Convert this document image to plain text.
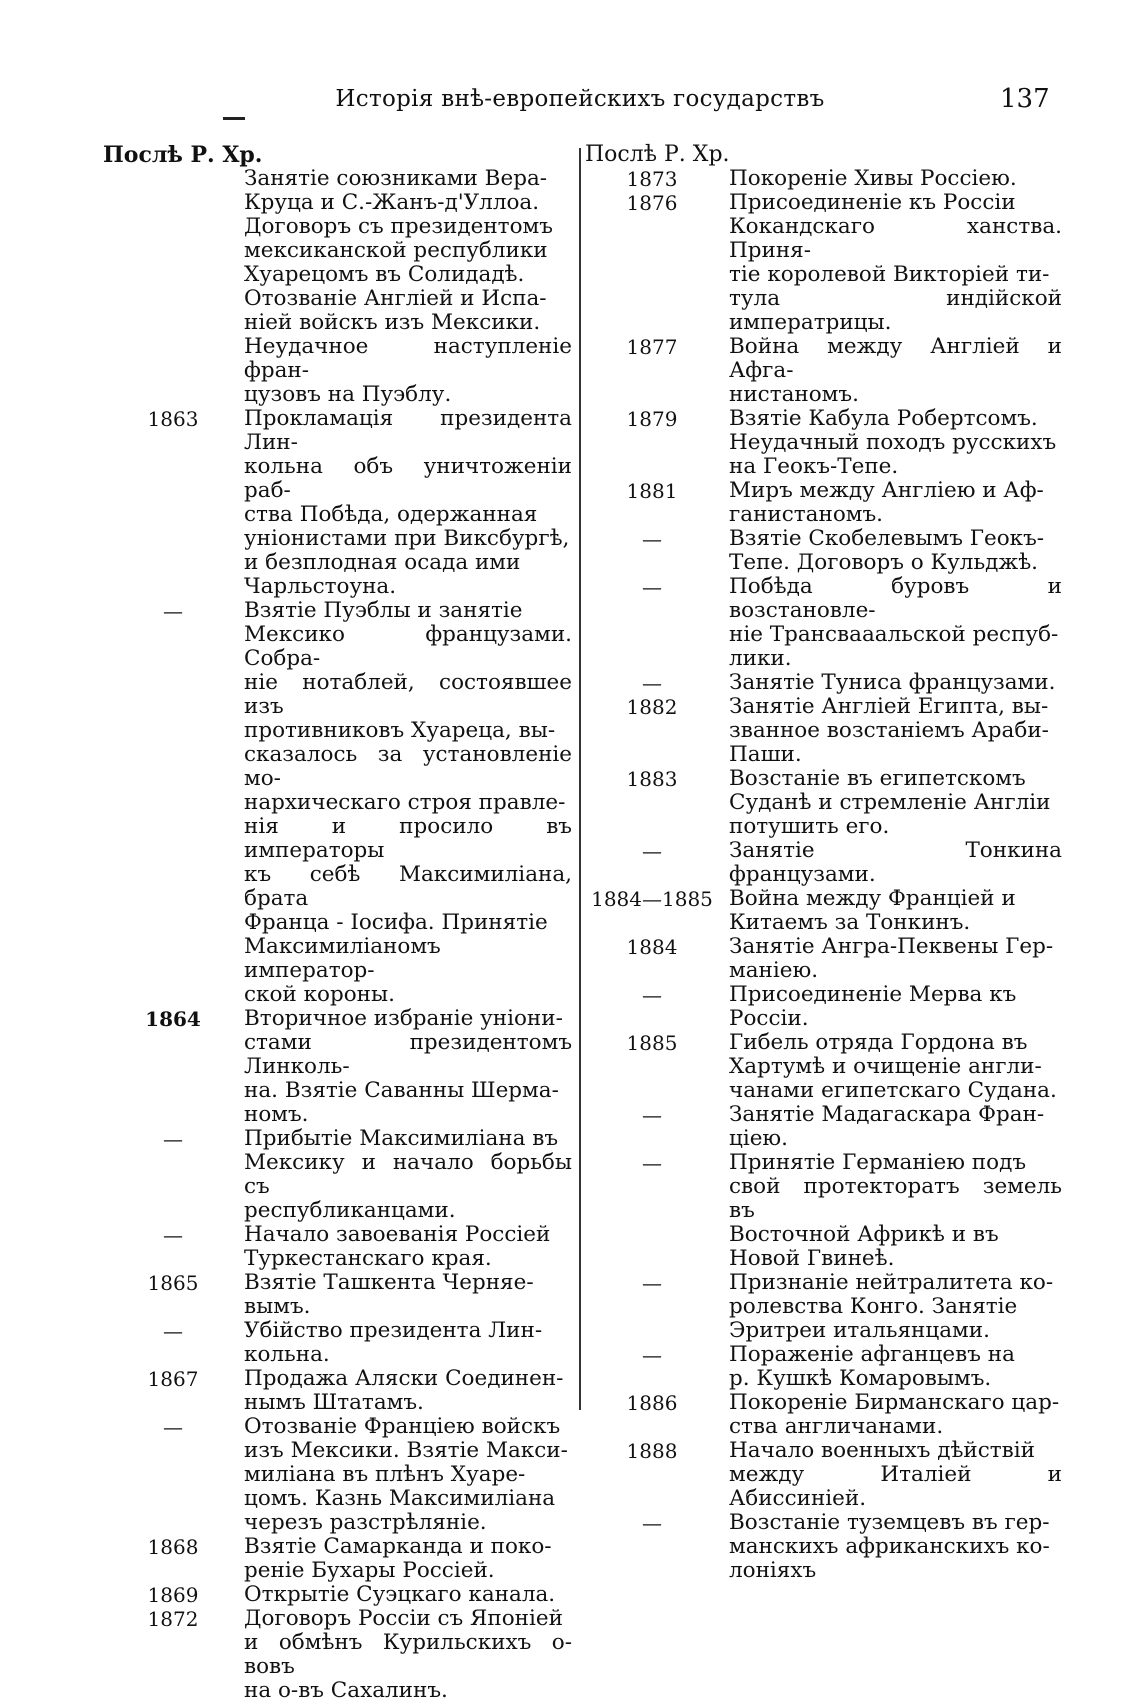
Исторія внѣ-европейскихъ государствъ	137
Послѣ Р. Хр.
Занятіе союзниками Вера-
Круца и С.-Жанъ-д'Уллоа.
Договоръ съ президентомъ
мексиканской республики
Хуарецомъ въ Солидадѣ.
Отозваніе Англіей и Испа-
ніей войскъ изъ Мексики.
Неудачное наступленіе фран-
цузовъ на Пуэблу.
1863	Прокламація президента Лин-
кольна объ уничтоженіи раб-
ства Побѣда, одержанная
уніонистами при Виксбургѣ,
и безплодная осада ими
Чарльстоуна.
—	Взятіе Пуэблы и занятіе
Мексико французами. Собра-
ніе нотаблей, состоявшее изъ
противниковъ Хуареца, вы-
сказалось за установленіе мо-
нархическаго строя правле-
нія и просило въ императоры
къ себѣ Максимиліана, брата
Франца - Іосифа. Принятіе
Максимиліаномъ император-
ской короны.
1864	Вторичное избраніе уніони-
стами президентомъ Линколь-
на. Взятіе Саванны Шерма-
номъ.
—	Прибытіе Максимиліана въ
Мексику и начало борьбы съ
республиканцами.
—	Начало завоеванія Россіей
Туркестанскаго края.
1865	Взятіе Ташкента Черняе-
вымъ.
—	Убійство президента Лин-
кольна.
1867	Продажа Аляски Соединен-
нымъ Штатамъ.
—	Отозваніе Франціею войскъ
изъ Мексики. Взятіе Макси-
миліана въ плѣнъ Хуаре-
цомъ. Казнь Максимиліана
черезъ разстрѣляніе.
1868	Взятіе Самарканда и поко-
реніе Бухары Россіей.
1869	Открытіе Суэцкаго канала.
1872	Договоръ Россіи съ Японіей
и обмѣнъ Курильскихъ о-вовъ
на о-въ Сахалинъ.
Послѣ Р. Хр.
1873	Покореніе Хивы Россіею.
1876	Присоединеніе къ Россіи
Кокандскаго ханства. Приня-
тіе королевой Викторіей ти-
тула индійской императрицы.
1877	Война между Англіей и Афга-
нистаномъ.
1879	Взятіе Кабула Робертсомъ.
Неудачный походъ русскихъ
на Геокъ-Тепе.
1881	Миръ между Англіею и Аф-
ганистаномъ.
—	Взятіе Скобелевымъ Геокъ-
Тепе. Договоръ о Кульджѣ.
—	Побѣда буровъ и возстановле-
ніе Трансвааальской респуб-
лики.
—	Занятіе Туниса французами.
1882	Занятіе Англіей Египта, вы-
званное возстаніемъ Араби-
Паши.
1883	Возстаніе въ египетскомъ
Суданѣ и стремленіе Англіи
потушить его.
—	Занятіе Тонкина французами.
1884—1885 Война между Франціей и
Китаемъ за Тонкинъ.
1884	Занятіе Ангра-Пеквены Гер-
маніею.
—	Присоединеніе Мерва къ
Россіи.
1885	Гибель отряда Гордона въ
Хартумѣ и очищеніе англи-
чанами египетскаго Судана.
—	Занятіе Мадагаскара Фран-
ціею.
—	Принятіе Германіею подъ
свой протекторатъ земель въ
Восточной Африкѣ и въ
Новой Гвинеѣ.
—	Признаніе нейтралитета ко-
ролевства Конго. Занятіе
Эритреи итальянцами.
—	Пораженіе афганцевъ на
р. Кушкѣ Комаровымъ.
1886	Покореніе Бирманскаго цар-
ства англичанами.
1888	Начало военныхъ дѣйствій
между Италіей и Абиссиніей.
—	Возстаніе туземцевъ въ гер-
манскихъ африканскихъ ко-
лоніяхъ
